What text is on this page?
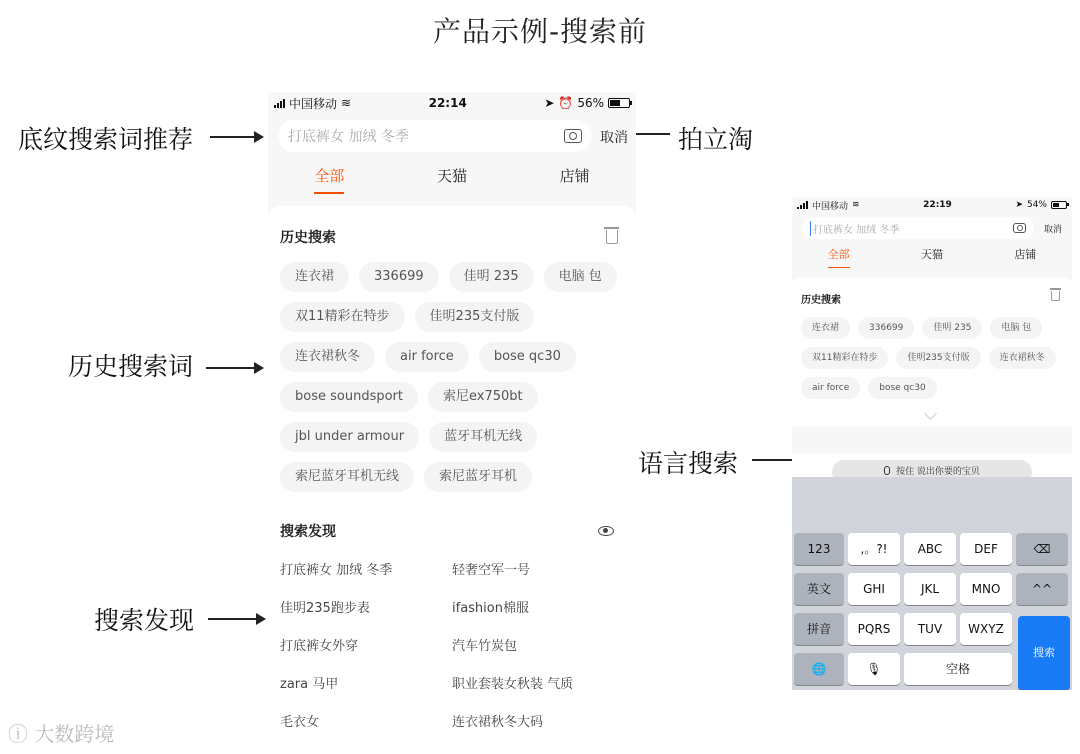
产品示例-搜索前
底纹搜索词推荐	拍立淘
历史搜索词
搜索发现
语言搜索
中国移动 ≋	22:14	➤ ⏰ 56%
打底裤女 加绒 冬季	取消
全部	天猫	店铺
历史搜索
连衣裙	336699	佳明 235	电脑 包
双11精彩在特步	佳明235支付版
连衣裙秋冬	air force	bose qc30
bose soundsport	索尼ex750bt
jbl under armour	蓝牙耳机无线
索尼蓝牙耳机无线	索尼蓝牙耳机
搜索发现
打底裤女 加绒 冬季	轻奢空军一号
佳明235跑步表	ifashion棉服
打底裤女外穿	汽车竹炭包
zara 马甲	职业套装女秋装 气质
毛衣女	连衣裙秋冬大码
中国移动 ≋	22:19	➤ 54%
打底裤女 加绒 冬季	取消
全部	天猫	店铺
历史搜索
连衣裙	336699	佳明 235	电脑 包
双11精彩在特步	佳明235支付版	连衣裙秋冬
air force	bose qc30
按住 说出你要的宝贝
123	,。?!	ABC	DEF	⌫
英文	GHI	JKL	MNO	^^
拼音	PQRS	TUV	WXYZ
🌐	🎙	空格
搜索
ⓘ 大数跨境
